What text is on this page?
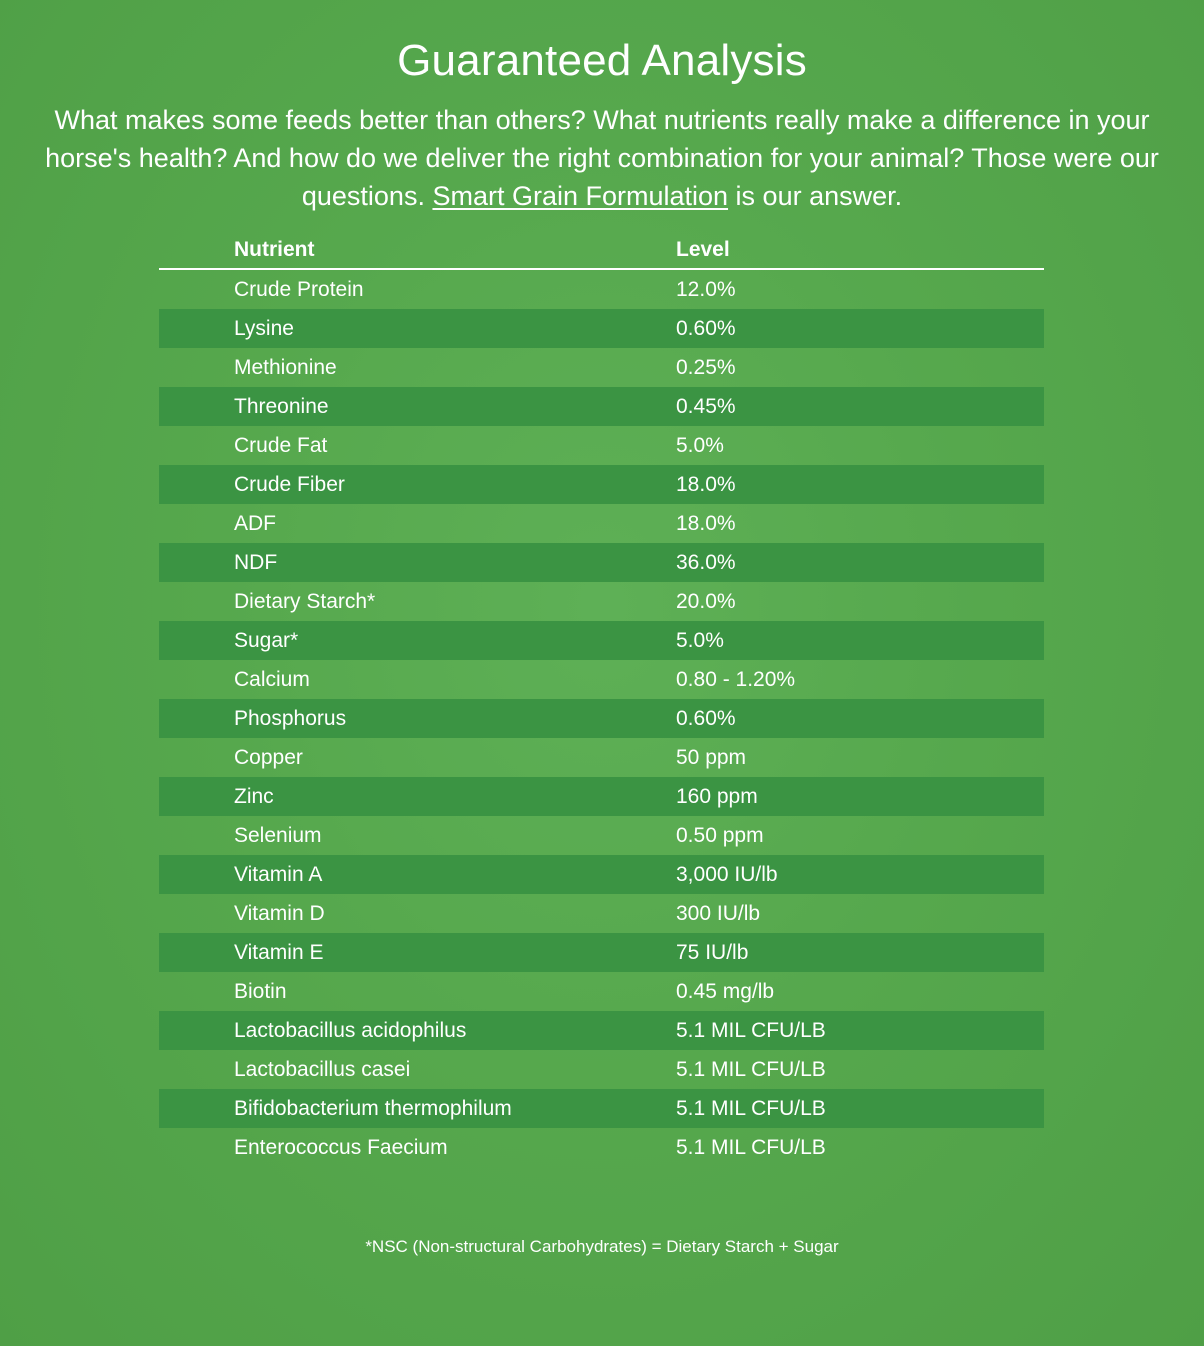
Guaranteed Analysis

What makes some feeds better than others? What nutrients really make a difference in your horse's health? And how do we deliver the right combination for your animal? Those were our questions. Smart Grain Formulation is our answer.

Nutrient	Level
Crude Protein	12.0%
Lysine	0.60%
Methionine	0.25%
Threonine	0.45%
Crude Fat	5.0%
Crude Fiber	18.0%
ADF	18.0%
NDF	36.0%
Dietary Starch*	20.0%
Sugar*	5.0%
Calcium	0.80 - 1.20%
Phosphorus	0.60%
Copper	50 ppm
Zinc	160 ppm
Selenium	0.50 ppm
Vitamin A	3,000 IU/lb
Vitamin D	300 IU/lb
Vitamin E	75 IU/lb
Biotin	0.45 mg/lb
Lactobacillus acidophilus	5.1 MIL CFU/LB
Lactobacillus casei	5.1 MIL CFU/LB
Bifidobacterium thermophilum	5.1 MIL CFU/LB
Enterococcus Faecium	5.1 MIL CFU/LB
*NSC (Non-structural Carbohydrates) = Dietary Starch + Sugar
